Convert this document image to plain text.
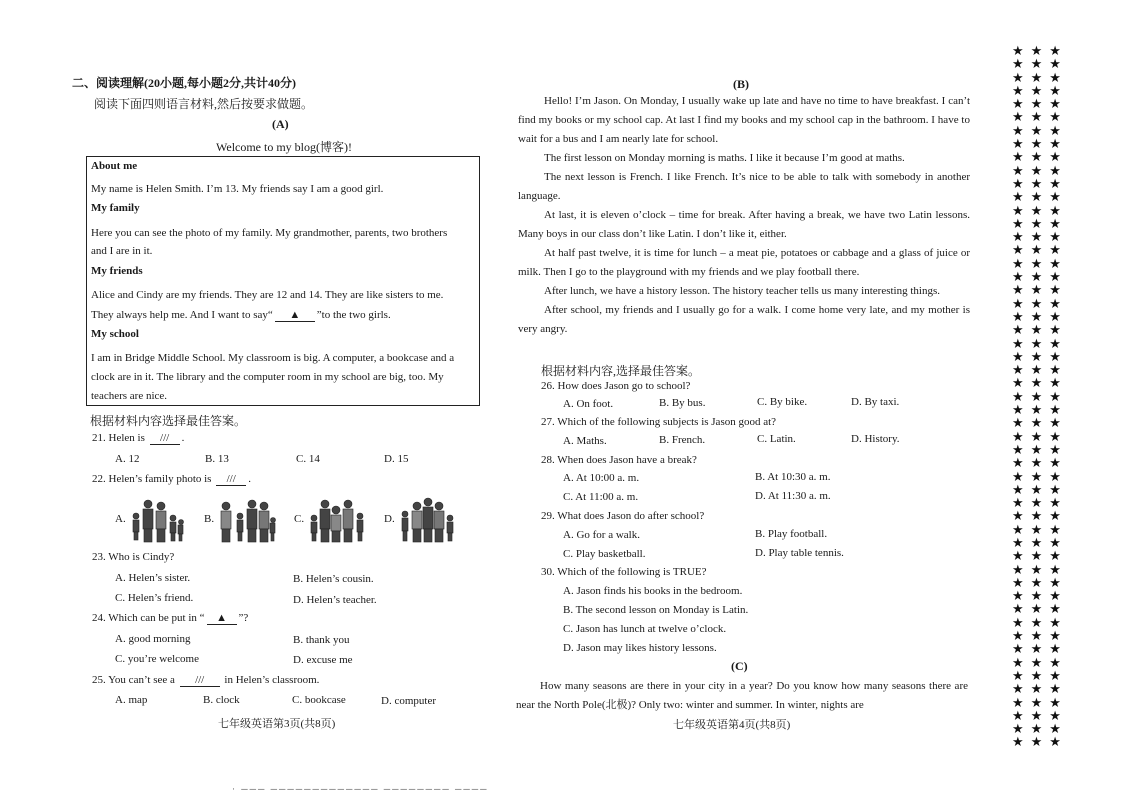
二、阅读理解(20小题,每小题2分,共计40分)
阅读下面四则语言材料,然后按要求做题。
(A)
Welcome to my blog(博客)!
About me
My name is Helen Smith. I’m 13. My friends say I am a good girl.
My family
Here you can see the photo of my family. My grandmother, parents, two brothers
and I are in it.
My friends
Alice and Cindy are my friends. They are 12 and 14. They are like sisters to me.
They always help me. And I want to say“ ▲ ”to the two girls.
My school
I am in Bridge Middle School. My classroom is big. A computer, a bookcase and a
clock are in it. The library and the computer room in my school are big, too. My
teachers are nice.
根据材料内容选择最佳答案。
21. Helen is /// .
A. 12	B. 13	C. 14	D. 15
22. Helen’s family photo is /// .
A.	B.	C.	D.
23. Who is Cindy?
A. Helen’s sister.	B. Helen’s cousin.
C. Helen’s friend.	D. Helen’s teacher.
24. Which can be put in “ ▲ ”?
A. good morning	B. thank you
C. you’re welcome	D. excuse me
25. You can’t see a /// in Helen’s classroom.
A. map	B. clock	C. bookcase	D. computer
七年级英语第3页(共8页)
(B)

Hello! I’m Jason. On Monday, I usually wake up late and have no time to have breakfast. I can’t find my books or my school cap. At last I find my books and my school cap in the bathroom. I have to wait for a bus and I am nearly late for school.

The first lesson on Monday morning is maths. I like it because I’m good at maths.

The next lesson is French. I like French. It’s nice to be able to talk with somebody in another language.

At last, it is eleven o’clock – time for break. After having a break, we have two Latin lessons. Many boys in our class don’t like Latin. I don’t like it, either.

At half past twelve, it is time for lunch – a meat pie, potatoes or cabbage and a glass of juice or milk. Then I go to the playground with my friends and we play football there.

After lunch, we have a history lesson. The history teacher tells us many interesting things.

After school, my friends and I usually go for a walk. I come home very late, and my mother is very angry.

根据材料内容,选择最佳答案。
26. How does Jason go to school?
A. On foot.	B. By bus.	C. By bike.	D. By taxi.
27. Which of the following subjects is Jason good at?
A. Maths.	B. French.	C. Latin.	D. History.
28. When does Jason have a break?
A. At 10:00 a. m.	B. At 10:30 a. m.
C. At 11:00 a. m.	D. At 11:30 a. m.
29. What does Jason do after school?
A. Go for a walk.	B. Play football.
C. Play basketball.	D. Play table tennis.
30. Which of the following is TRUE?
A. Jason finds his books in the bedroom.
B. The second lesson on Monday is Latin.
C. Jason has lunch at twelve o’clock.
D. Jason may likes history lessons.
(C)
How many seasons are there in your city in a year? Do you know how many seasons there are near the North Pole(北极)? Only two: winter and summer. In winter, nights are
七年级英语第4页(共8页)
★★★
★★★
★★★
★★★
★★★
★★★
★★★
★★★
★★★
★★★
★★★
★★★
★★★
★★★
★★★
★★★
★★★
★★★
★★★
★★★
★★★
★★★
★★★
★★★
★★★
★★★
★★★
★★★
★★★
★★★
★★★
★★★
★★★
★★★
★★★
★★★
★★★
★★★
★★★
★★★
★★★
★★★
★★★
★★★
★★★
★★★
★★★
★★★
★★★
★★★
★★★
★★★
★★★
· ─── ───────────── ──────── ────
